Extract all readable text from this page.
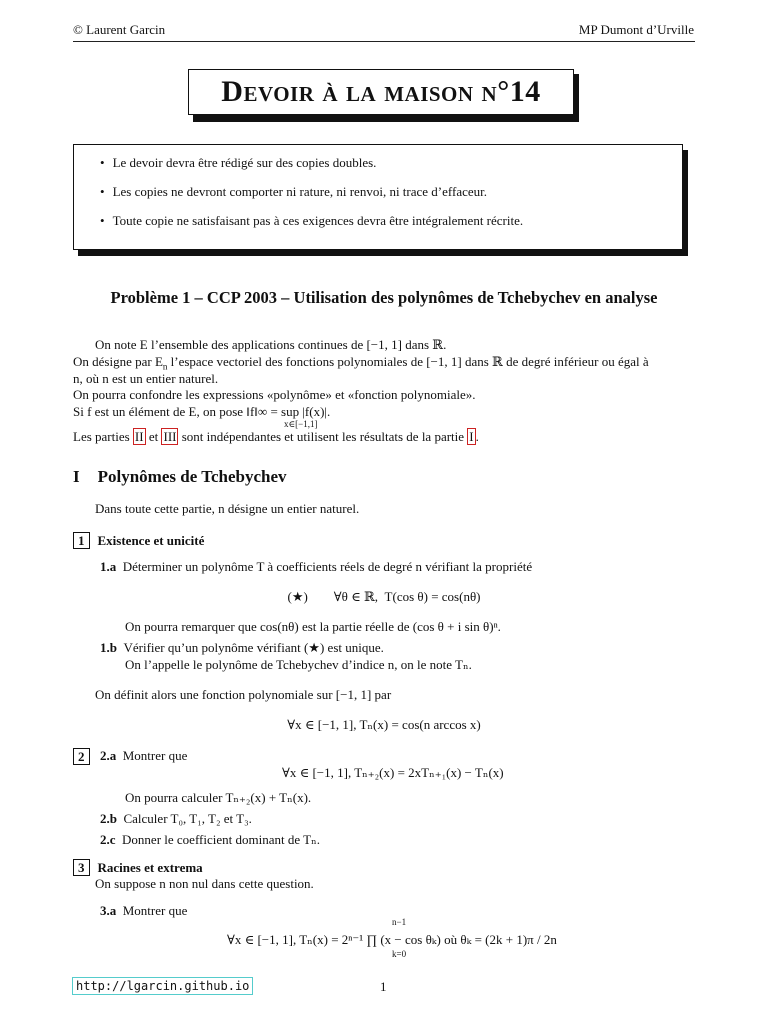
© Laurent Garcin	MP Dumont d’Urville
Devoir à la maison n°14
• Le devoir devra être rédigé sur des copies doubles.
• Les copies ne devront comporter ni rature, ni renvoi, ni trace d’effaceur.
• Toute copie ne satisfaisant pas à ces exigences devra être intégralement récrite.
Problème 1 – CCP 2003 – Utilisation des polynômes de Tchebychev en analyse
On note E l’ensemble des applications continues de [−1, 1] dans ℝ.
On désigne par $E_n$ l’espace vectoriel des fonctions polynomiales de [−1, 1] dans ℝ de degré inférieur ou égal à
n, où n est un entier naturel.
On pourra confondre les expressions «polynôme» et «fonction polynomiale».
Si f est un élément de E, on pose ‖f‖∞ = sup |f(x)|.
x∈[−1,1]
Les parties II et III sont indépendantes et utilisent les résultats de la partie I .
I Polynômes de Tchebychev
Dans toute cette partie, n désigne un entier naturel.
1 Existence et unicité
1.a Déterminer un polynôme T à coefficients réels de degré n vérifiant la propriété
(★)        ∀θ ∈ ℝ,  T(cos θ) = cos(nθ)
On pourra remarquer que cos(nθ) est la partie réelle de (cos θ + i sin θ)ⁿ.
1.b Vérifier qu’un polynôme vérifiant (★) est unique.
On l’appelle le polynôme de Tchebychev d’indice n, on le note Tₙ.
On définit alors une fonction polynomiale sur [−1, 1] par
∀x ∈ [−1, 1], Tₙ(x) = cos(n arccos x)
2	2.a Montrer que
∀x ∈ [−1, 1], Tₙ₊₂(x) = 2xTₙ₊₁(x) − Tₙ(x)
On pourra calculer Tₙ₊₂(x) + Tₙ(x).
2.b Calculer T₀, T₁, T₂ et T₃.
2.c Donner le coefficient dominant de Tₙ.
3 Racines et extrema
On suppose n non nul dans cette question.
3.a Montrer que
n−1
∀x ∈ [−1, 1], Tₙ(x) = 2ⁿ⁻¹ ∏ (x − cos θₖ) où θₖ = (2k + 1)π / 2n
k=0
http://lgarcin.github.io	1
